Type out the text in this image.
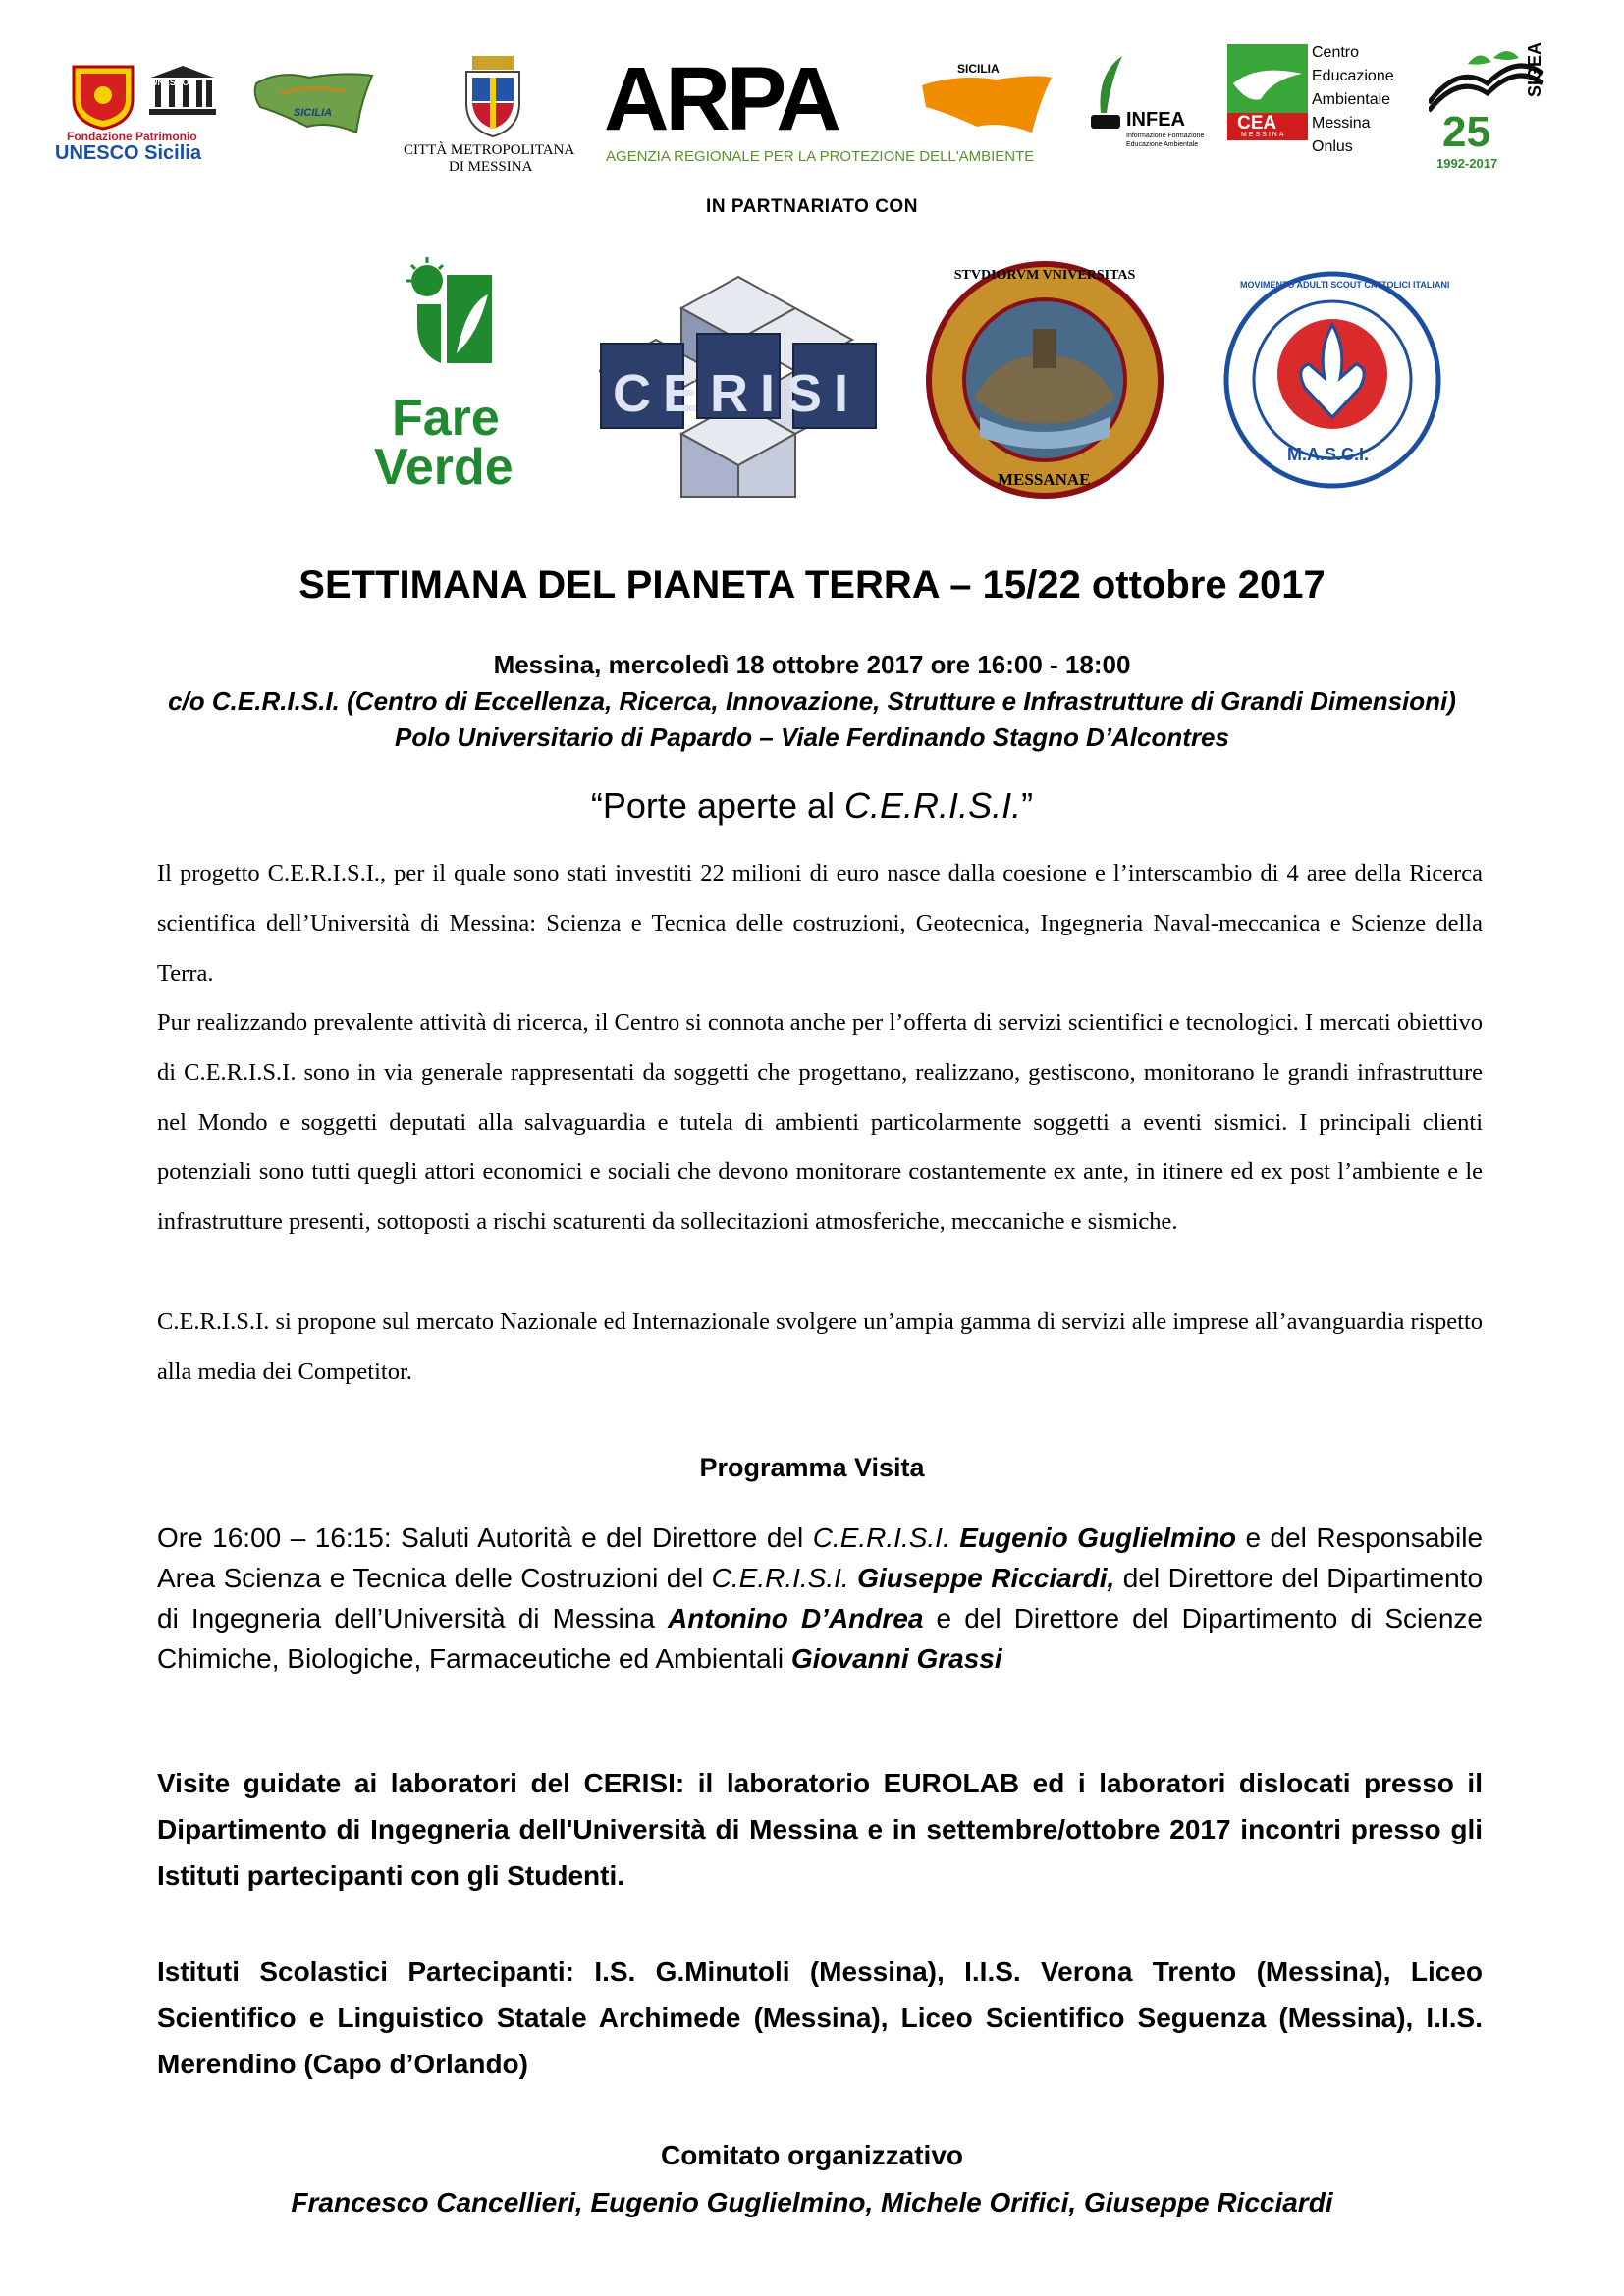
UNESCO
Fondazione Patrimonio
UNESCO Sicilia
SICILIA
CITTÀ METROPOLITANA
DI MESSINA
ARPA	SICILIA
AGENZIA REGIONALE PER LA PROTEZIONE DELL'AMBIENTE
INFEA
Informazione Formazione
Educazione Ambientale
CEA
MESSINA
Centro
Educazione
Ambientale
Messina
Onlus
SIGEA
25
1992-2017
IN PARTNARIATO CON
Fare
Verde
CERISI
STVDIORVM VNIVERSITAS
MESSANAE
MOVIMENTO ADULTI SCOUT CATTOLICI ITALIANI
M.A.S.C.I.
SETTIMANA DEL PIANETA TERRA – 15/22 ottobre 2017
Messina, mercoledì 18 ottobre 2017 ore 16:00 - 18:00
c/o C.E.R.I.S.I. (Centro di Eccellenza, Ricerca, Innovazione, Strutture e Infrastrutture di Grandi Dimensioni)
Polo Universitario di Papardo – Viale Ferdinando Stagno D’Alcontres
“Porte aperte al C.E.R.I.S.I.”
Il progetto C.E.R.I.S.I., per il quale sono stati investiti 22 milioni di euro nasce dalla coesione e l’interscambio di 4 aree della Ricerca scientifica dell’Università di Messina: Scienza e Tecnica delle costruzioni, Geotecnica, Ingegneria Naval-meccanica e Scienze della Terra.
Pur realizzando prevalente attività di ricerca, il Centro si connota anche per l’offerta di servizi scientifici e tecnologici. I mercati obiettivo di C.E.R.I.S.I. sono in via generale rappresentati da soggetti che progettano, realizzano, gestiscono, monitorano le grandi infrastrutture nel Mondo e soggetti deputati alla salvaguardia e tutela di ambienti particolarmente soggetti a eventi sismici. I principali clienti potenziali sono tutti quegli attori economici e sociali che devono monitorare costantemente ex ante, in itinere ed ex post l’ambiente e le infrastrutture presenti, sottoposti a rischi scaturenti da sollecitazioni atmosferiche, meccaniche e sismiche.
C.E.R.I.S.I. si propone sul mercato Nazionale ed Internazionale svolgere un’ampia gamma di servizi alle imprese all’avanguardia rispetto alla media dei Competitor.
Programma Visita
Ore 16:00 – 16:15: Saluti Autorità e del Direttore del C.E.R.I.S.I. Eugenio Guglielmino e del Responsabile Area Scienza e Tecnica delle Costruzioni del C.E.R.I.S.I. Giuseppe Ricciardi, del Direttore del Dipartimento di Ingegneria dell’Università di Messina Antonino D’Andrea e del Direttore del Dipartimento di Scienze Chimiche, Biologiche, Farmaceutiche ed Ambientali Giovanni Grassi
Visite guidate ai laboratori del CERISI: il laboratorio EUROLAB ed i laboratori dislocati presso il Dipartimento di Ingegneria dell'Università di Messina e in settembre/ottobre 2017 incontri presso gli Istituti partecipanti con gli Studenti.
Istituti Scolastici Partecipanti: I.S. G.Minutoli (Messina), I.I.S. Verona Trento (Messina), Liceo Scientifico e Linguistico Statale Archimede (Messina), Liceo Scientifico Seguenza (Messina), I.I.S. Merendino (Capo d’Orlando)
Comitato organizzativo
Francesco Cancellieri, Eugenio Guglielmino, Michele Orifici, Giuseppe Ricciardi
